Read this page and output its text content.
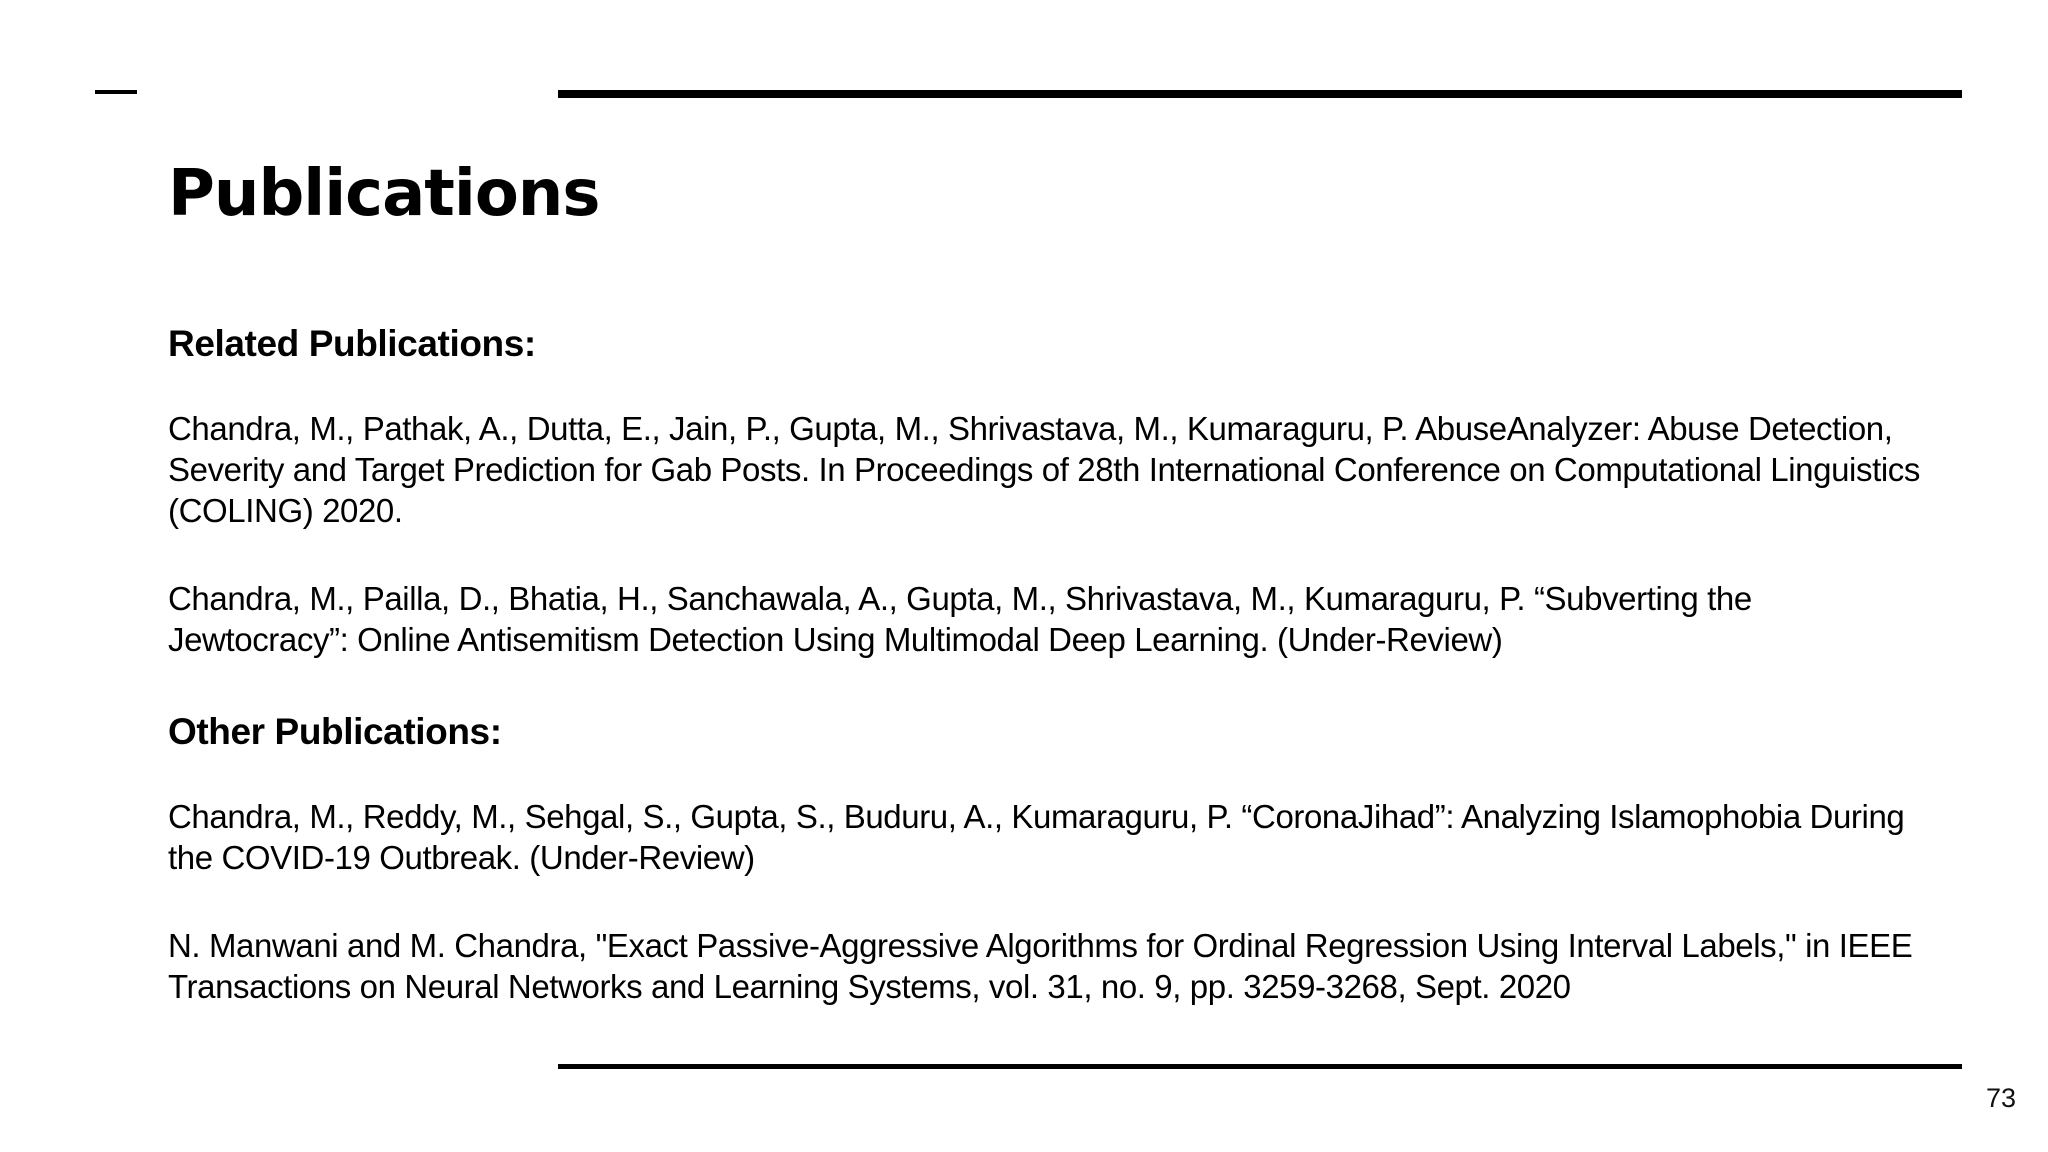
Publications
Related Publications:

Chandra, M., Pathak, A., Dutta, E., Jain, P., Gupta, M., Shrivastava, M., Kumaraguru, P. AbuseAnalyzer: Abuse Detection, Severity and Target Prediction for Gab Posts. In Proceedings of 28th International Conference on Computational Linguistics (COLING) 2020.

Chandra, M., Pailla, D., Bhatia, H., Sanchawala, A., Gupta, M., Shrivastava, M., Kumaraguru, P. “Subverting the Jewtocracy”: Online Antisemitism Detection Using Multimodal Deep Learning. (Under-Review)

Other Publications:

Chandra, M., Reddy, M., Sehgal, S., Gupta, S., Buduru, A., Kumaraguru, P. “CoronaJihad”: Analyzing Islamophobia During the COVID-19 Outbreak. (Under-Review)

N. Manwani and M. Chandra, "Exact Passive-Aggressive Algorithms for Ordinal Regression Using Interval Labels," in IEEE Transactions on Neural Networks and Learning Systems, vol. 31, no. 9, pp. 3259-3268, Sept. 2020

73
